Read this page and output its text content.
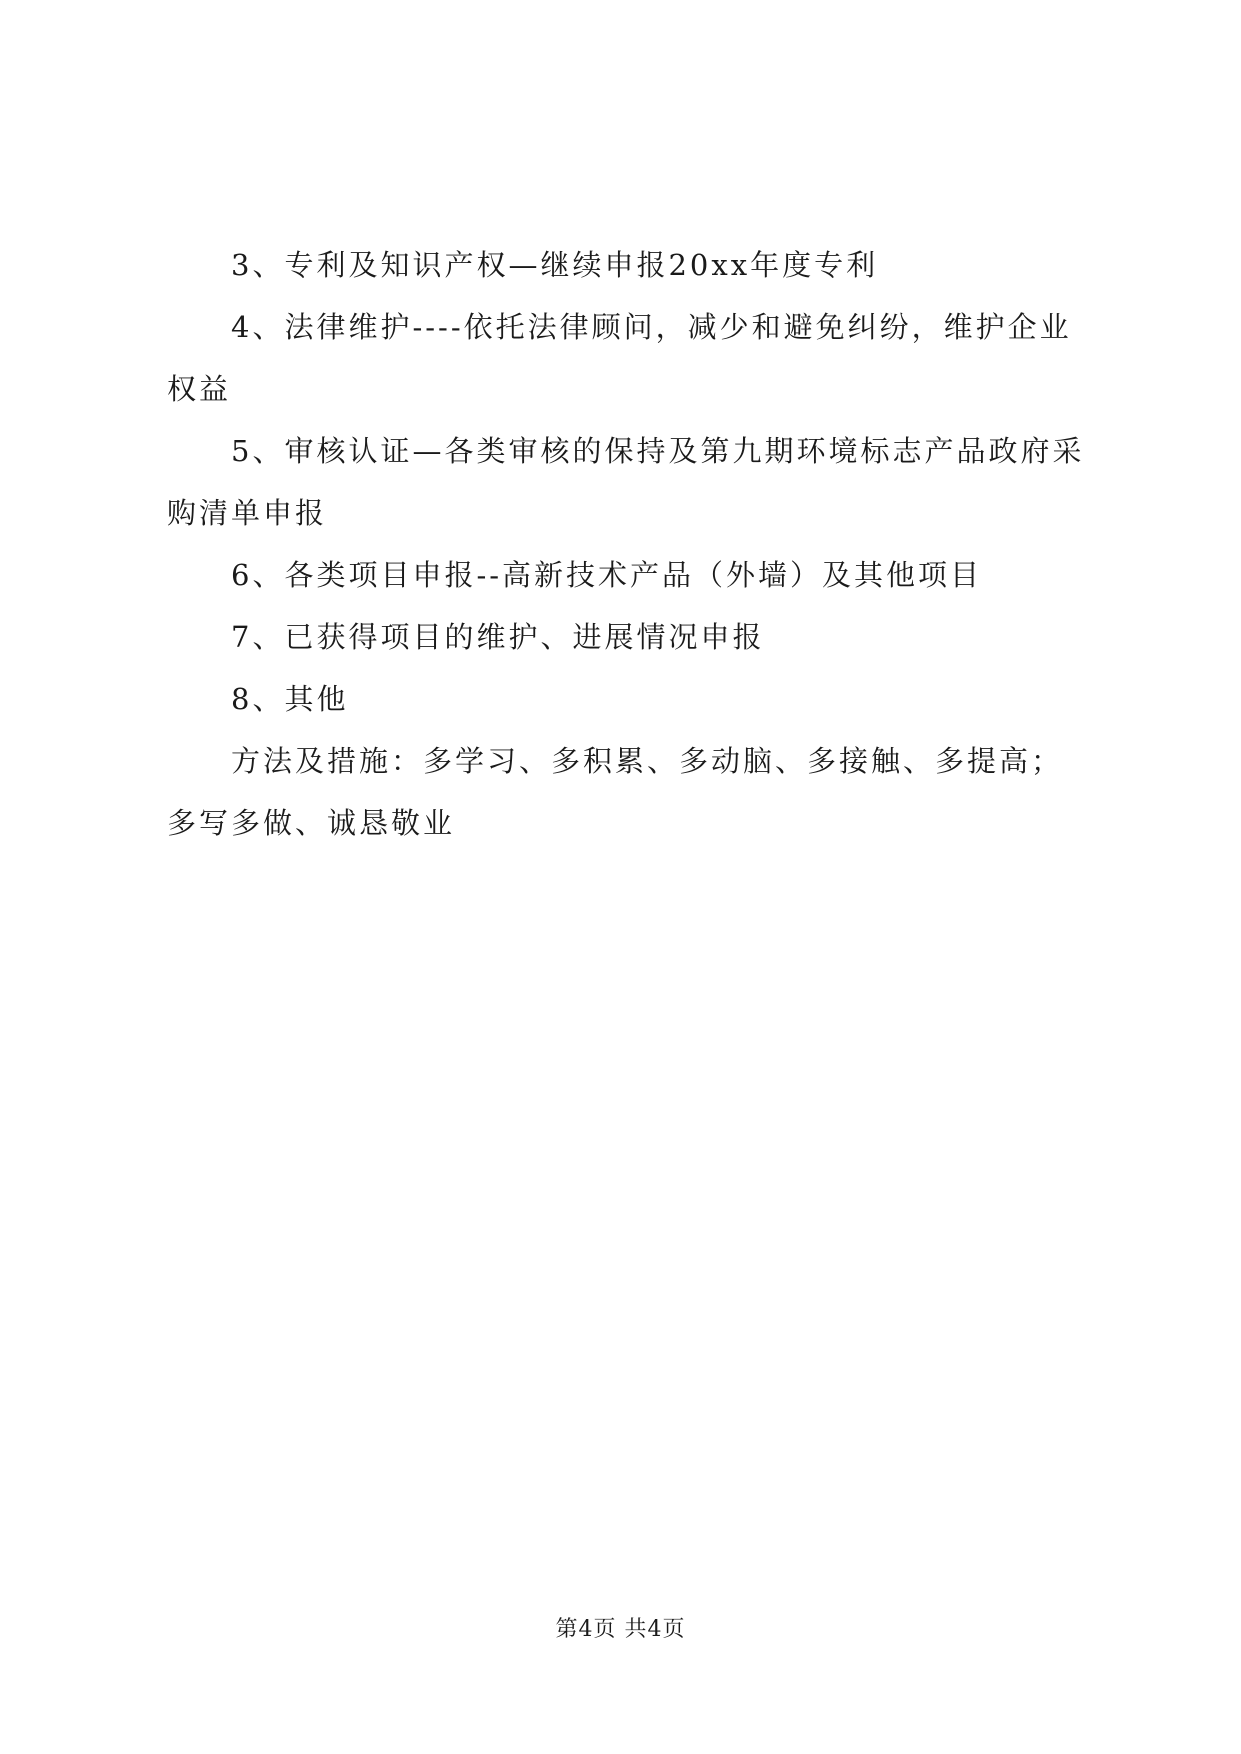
3、专利及知识产权—继续申报20xx年度专利

4、法律维护----依托法律顾问，减少和避免纠纷，维护企业权益

5、审核认证—各类审核的保持及第九期环境标志产品政府采购清单申报

6、各类项目申报--高新技术产品（外墙）及其他项目

7、已获得项目的维护、进展情况申报

8、其他

方法及措施：多学习、多积累、多动脑、多接触、多提高；多写多做、诚恳敬业

第4页 共4页
